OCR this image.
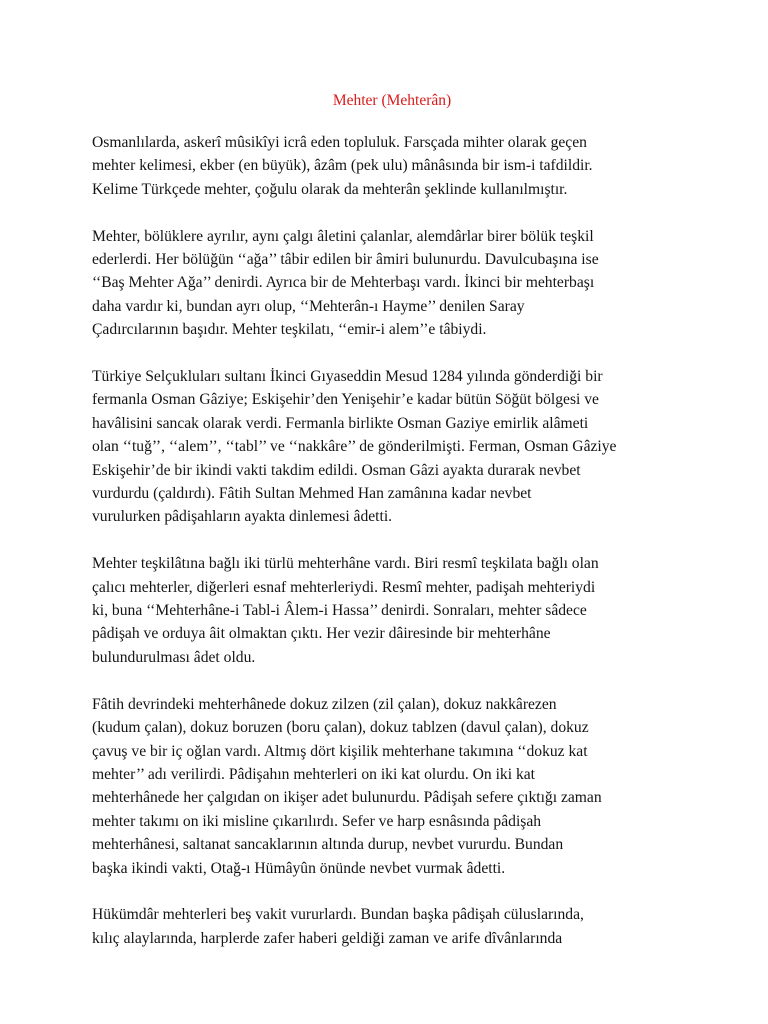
Mehter (Mehterân)
Osmanlılarda, askerî mûsikîyi icrâ eden topluluk. Farsçada mihter olarak geçen
mehter kelimesi, ekber (en büyük), âzâm (pek ulu) mânâsında bir ism-i tafdildir.
Kelime Türkçede mehter, çoğulu olarak da mehterân şeklinde kullanılmıştır.
Mehter, bölüklere ayrılır, aynı çalgı âletini çalanlar, alemdârlar birer bölük teşkil
ederlerdi. Her bölüğün ‘‘ağa’’ tâbir edilen bir âmiri bulunurdu. Davulcubaşına ise
‘‘Baş Mehter Ağa’’ denirdi. Ayrıca bir de Mehterbaşı vardı. İkinci bir mehterbaşı
daha vardır ki, bundan ayrı olup, ‘‘Mehterân-ı Hayme’’ denilen Saray
Çadırcılarının başıdır. Mehter teşkilatı, ‘‘emir-i alem’’e tâbiydi.
Türkiye Selçukluları sultanı İkinci Gıyaseddin Mesud 1284 yılında gönderdiği bir
fermanla Osman Gâziye; Eskişehir’den Yenişehir’e kadar bütün Söğüt bölgesi ve
havâlisini sancak olarak verdi. Fermanla birlikte Osman Gaziye emirlik alâmeti
olan ‘‘tuğ’’, ‘‘alem’’, ‘‘tabl’’ ve ‘‘nakkâre’’ de gönderilmişti. Ferman, Osman Gâziye
Eskişehir’de bir ikindi vakti takdim edildi. Osman Gâzi ayakta durarak nevbet
vurdurdu (çaldırdı). Fâtih Sultan Mehmed Han zamânına kadar nevbet
vurulurken pâdişahların ayakta dinlemesi âdetti.
Mehter teşkilâtına bağlı iki türlü mehterhâne vardı. Biri resmî teşkilata bağlı olan
çalıcı mehterler, diğerleri esnaf mehterleriydi. Resmî mehter, padişah mehteriydi
ki, buna ‘‘Mehterhâne-i Tabl-i Âlem-i Hassa’’ denirdi. Sonraları, mehter sâdece
pâdişah ve orduya âit olmaktan çıktı. Her vezir dâiresinde bir mehterhâne
bulundurulması âdet oldu.
Fâtih devrindeki mehterhânede dokuz zilzen (zil çalan), dokuz nakkârezen
(kudum çalan), dokuz boruzen (boru çalan), dokuz tablzen (davul çalan), dokuz
çavuş ve bir iç oğlan vardı. Altmış dört kişilik mehterhane takımına ‘‘dokuz kat
mehter’’ adı verilirdi. Pâdişahın mehterleri on iki kat olurdu. On iki kat
mehterhânede her çalgıdan on ikişer adet bulunurdu. Pâdişah sefere çıktığı zaman
mehter takımı on iki misline çıkarılırdı. Sefer ve harp esnâsında pâdişah
mehterhânesi, saltanat sancaklarının altında durup, nevbet vururdu. Bundan
başka ikindi vakti, Otağ-ı Hümâyûn önünde nevbet vurmak âdetti.
Hükümdâr mehterleri beş vakit vururlardı. Bundan başka pâdişah cüluslarında,
kılıç alaylarında, harplerde zafer haberi geldiği zaman ve arife dîvânlarında
